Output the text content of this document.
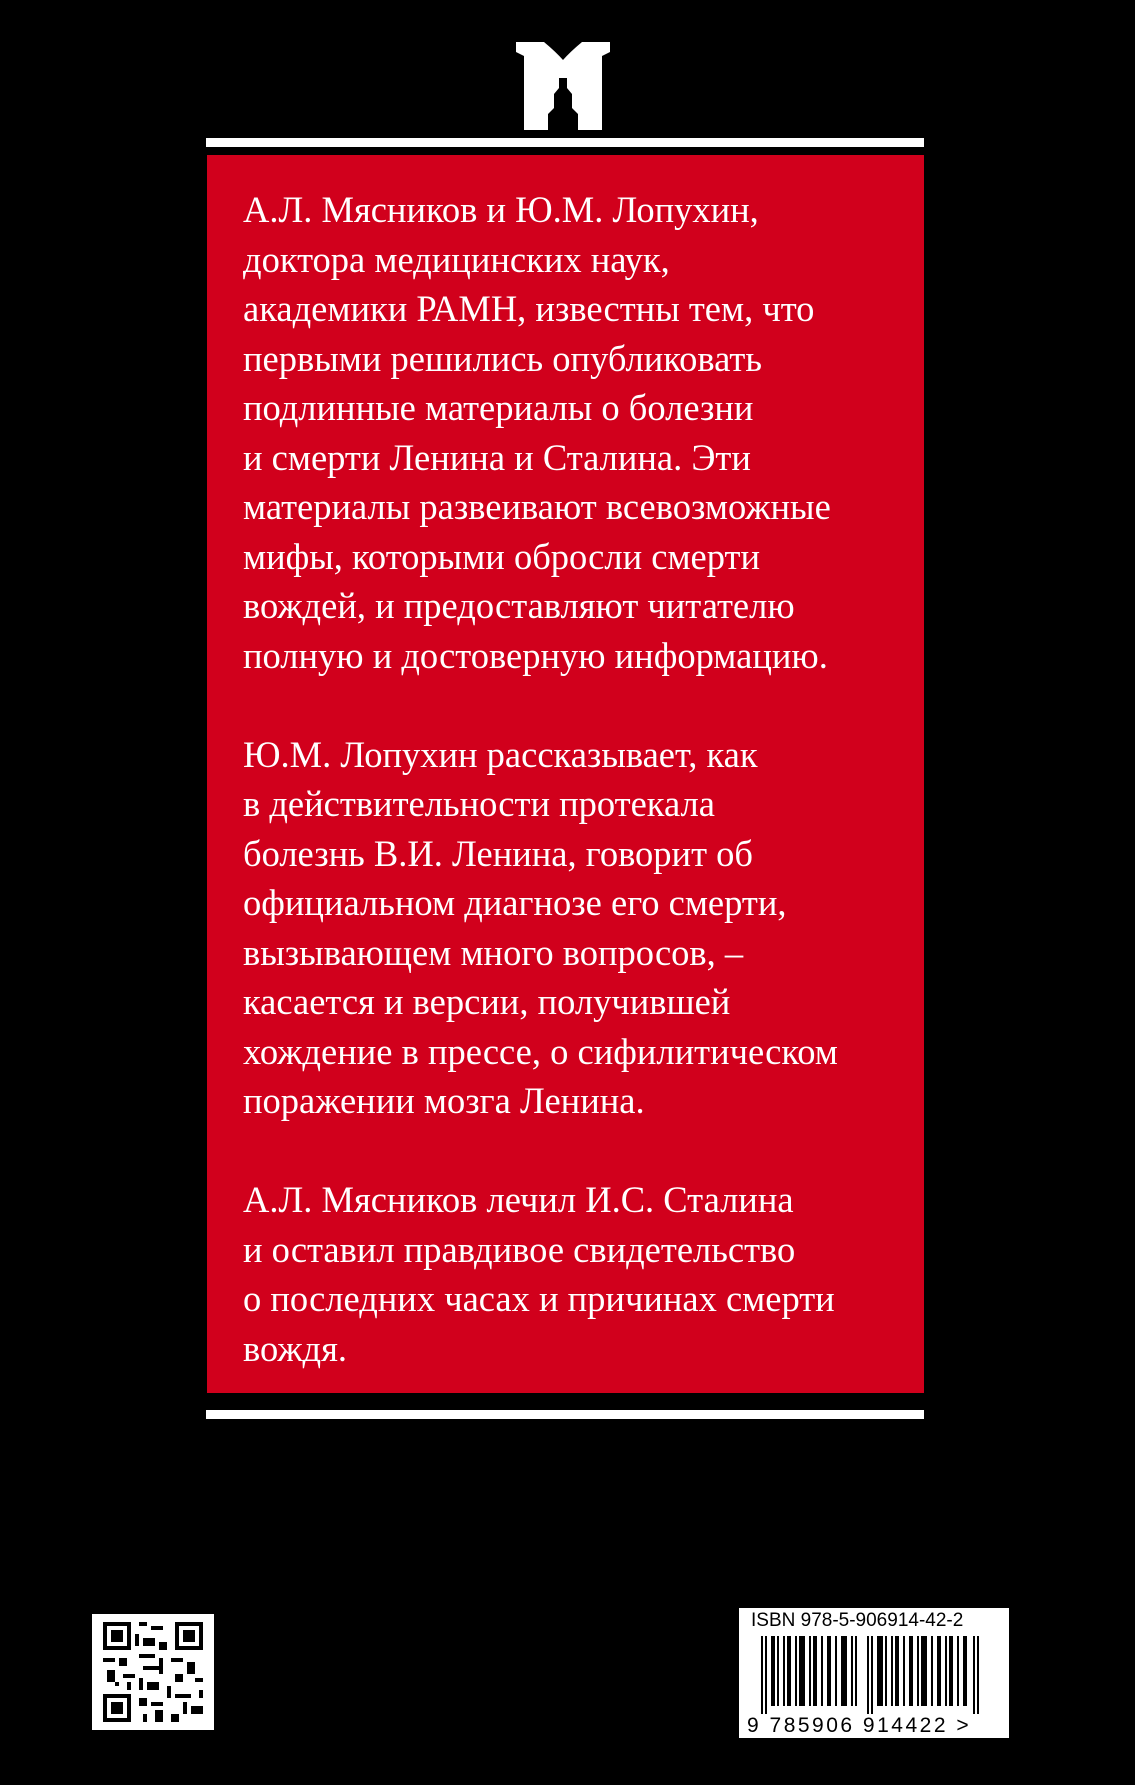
А.Л. Мясников и Ю.М. Лопухин,
доктора медицинских наук,
академики РАМН, известны тем, что
первыми решились опубликовать
подлинные материалы о болезни
и смерти Ленина и Сталина. Эти
материалы развеивают всевозможные
мифы, которыми обросли смерти
вождей, и предоставляют читателю
полную и достоверную информацию.

Ю.М. Лопухин рассказывает, как
в действительности протекала
болезнь В.И. Ленина, говорит об
официальном диагнозе его смерти,
вызывающем много вопросов, –
касается и версии, получившей
хождение в прессе, о сифилитическом
поражении мозга Ленина.

А.Л. Мясников лечил И.С. Сталина
и оставил правдивое свидетельство
о последних часах и причинах смерти
вождя.

ISBN 978-5-906914-42-2
9 785906 914422 >
